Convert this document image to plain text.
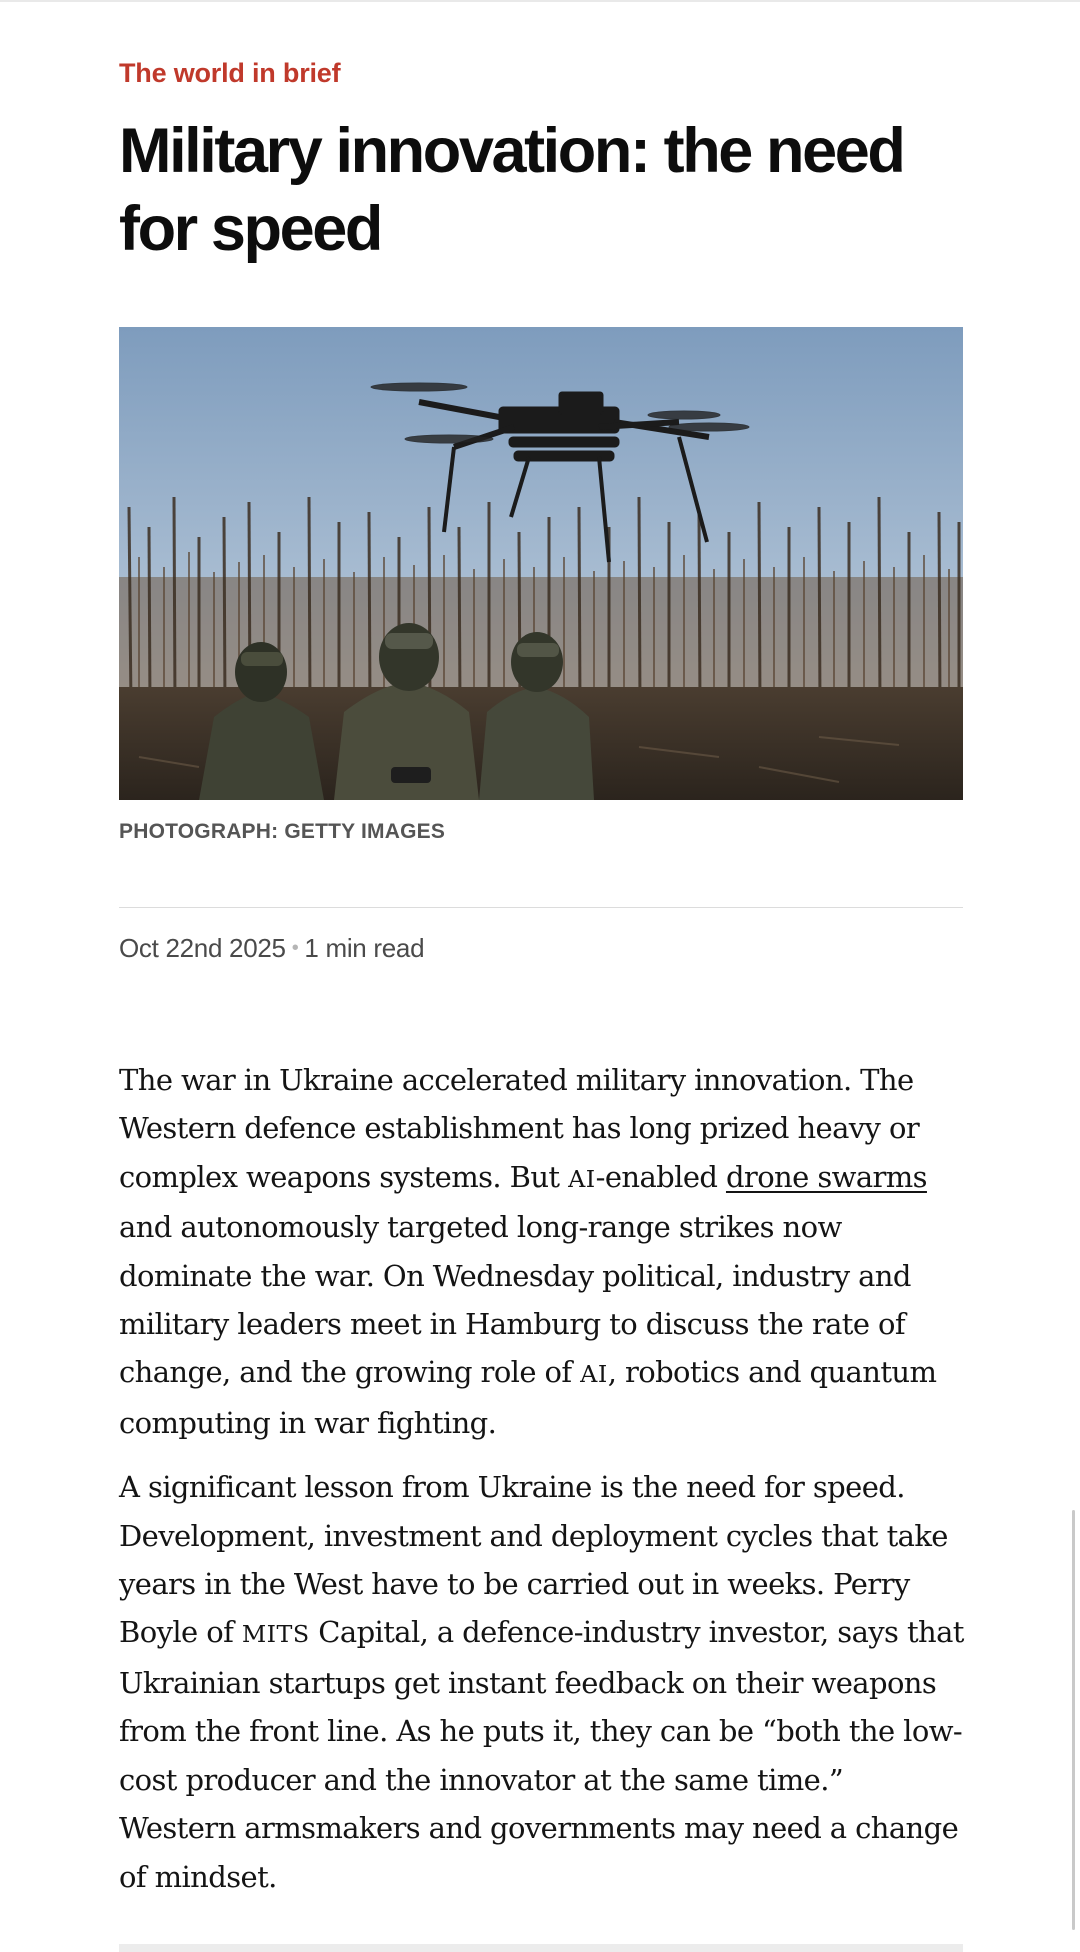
The world in brief
Military innovation: the need for speed
PHOTOGRAPH: GETTY IMAGES
Oct 22nd 2025 • 1 min read

The war in Ukraine accelerated military innovation. The Western defence establishment has long prized heavy or complex weapons systems. But AI-enabled drone swarms and autonomously targeted long-range strikes now dominate the war. On Wednesday political, industry and military leaders meet in Hamburg to discuss the rate of change, and the growing role of AI, robotics and quantum computing in war fighting.

A significant lesson from Ukraine is the need for speed. Development, investment and deployment cycles that take years in the West have to be carried out in weeks. Perry Boyle of MITS Capital, a defence-industry investor, says that Ukrainian startups get instant feedback on their weapons from the front line. As he puts it, they can be “both the low-cost producer and the innovator at the same time.” Western armsmakers and governments may need a change of mindset.
